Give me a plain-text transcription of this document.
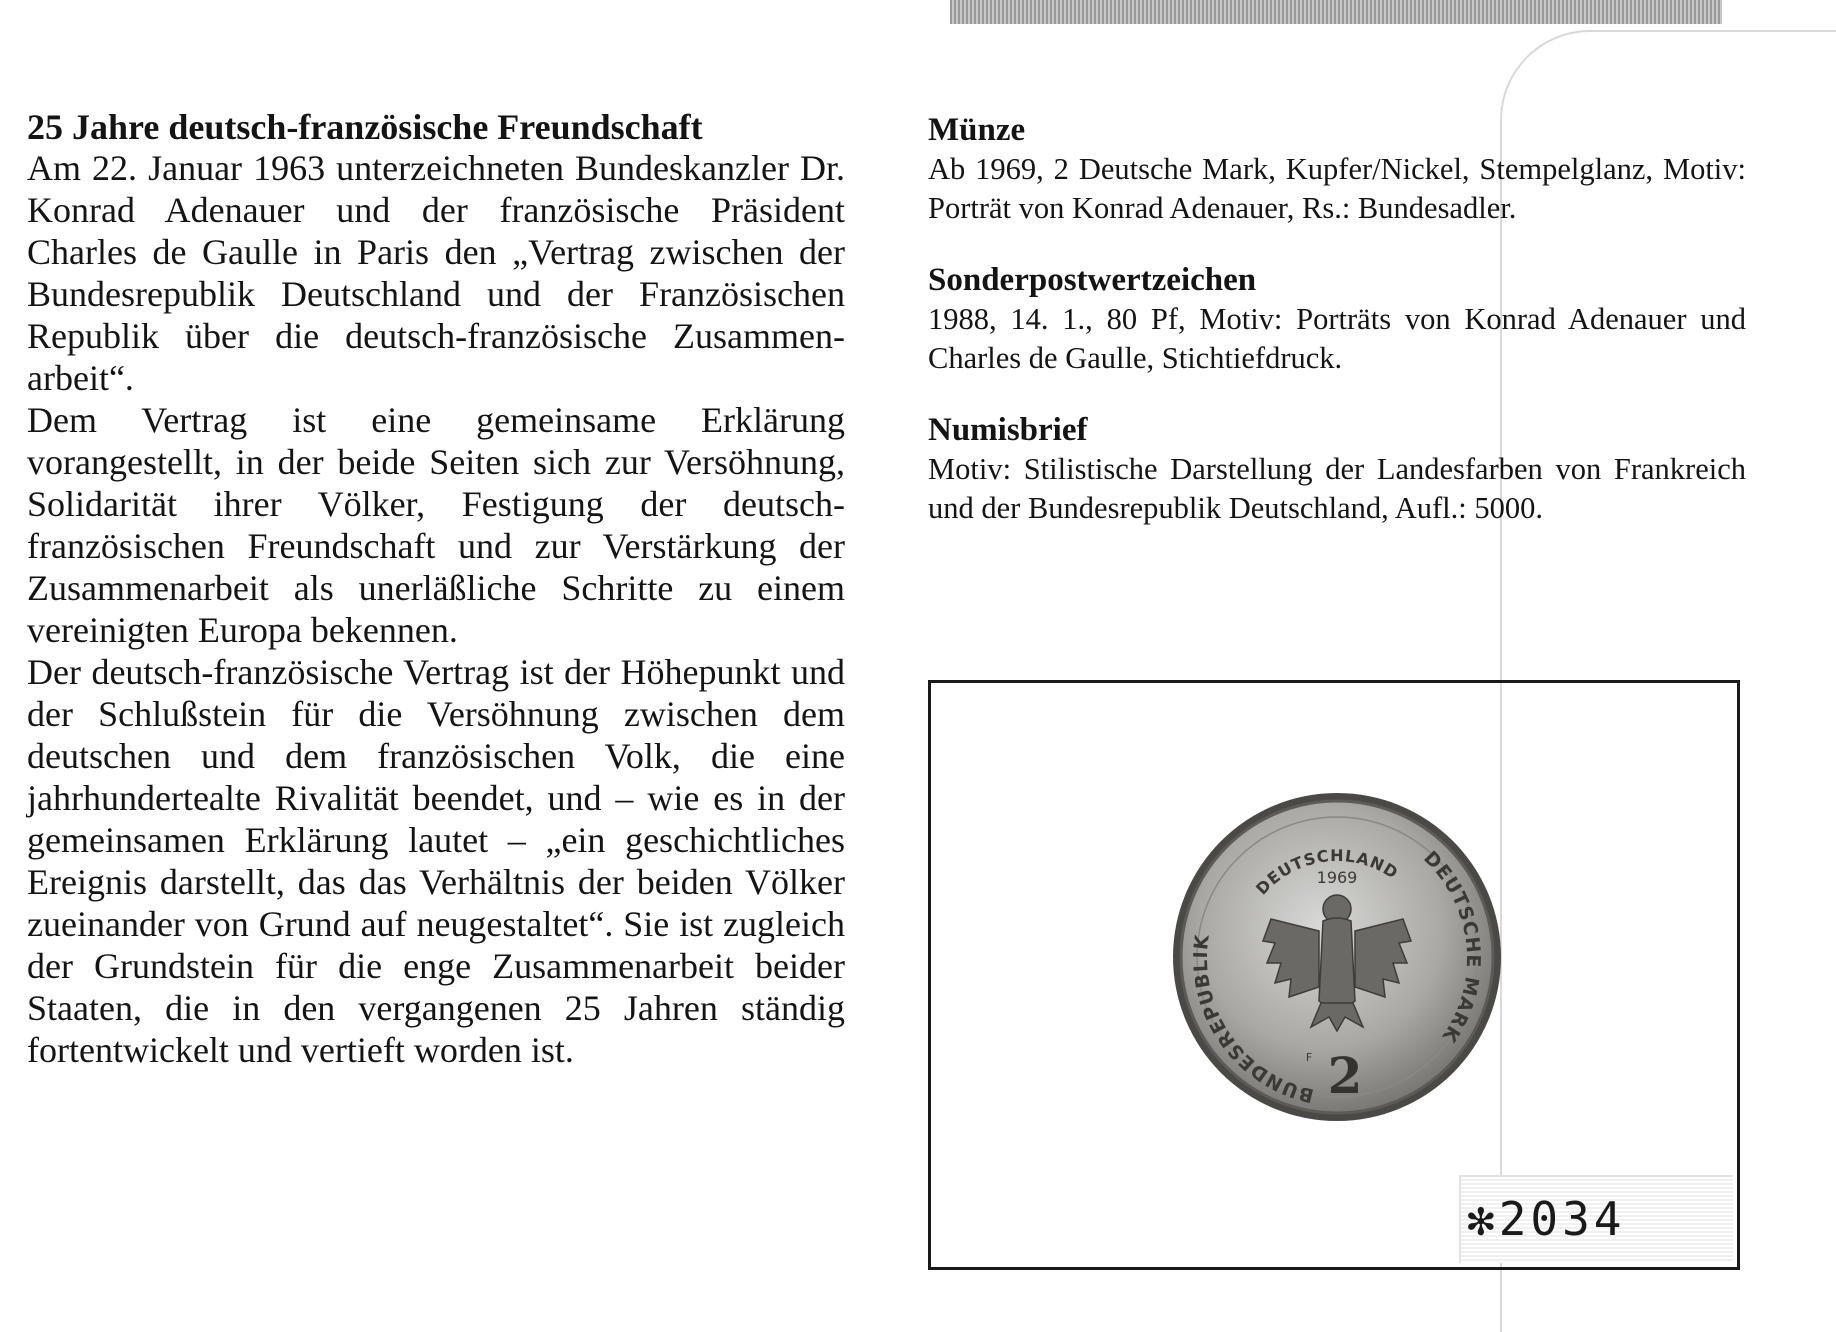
25 Jahre deutsch-französische Freundschaft

Am 22. Januar 1963 unterzeichneten Bundeskanzler Dr. Konrad Adenauer und der französische Präsident Charles de Gaulle in Paris den „Vertrag zwischen der Bundesrepublik Deutschland und der Französischen Republik über die deutsch-französische Zusammenarbeit“.

Dem Vertrag ist eine gemeinsame Erklärung vorangestellt, in der beide Seiten sich zur Versöhnung, Solidarität ihrer Völker, Festigung der deutsch-französischen Freundschaft und zur Verstärkung der Zusammenarbeit als unerläßliche Schritte zu einem vereinigten Europa bekennen.

Der deutsch-französische Vertrag ist der Höhepunkt und der Schlußstein für die Versöhnung zwischen dem deutschen und dem französischen Volk, die eine jahrhundertealte Rivalität beendet, und – wie es in der gemeinsamen Erklärung lautet – „ein geschichtliches Ereignis darstellt, das das Verhältnis der beiden Völker zueinander von Grund auf neugestaltet“. Sie ist zugleich der Grundstein für die enge Zusammenarbeit beider Staaten, die in den vergangenen 25 Jahren ständig fortentwickelt und vertieft worden ist.

Münze

Ab 1969, 2 Deutsche Mark, Kupfer/Nickel, Stempelglanz, Motiv: Porträt von Konrad Adenauer, Rs.: Bundesadler.

Sonderpostwertzeichen

1988, 14. 1., 80 Pf, Motiv: Porträts von Konrad Adenauer und Charles de Gaulle, Stichtiefdruck.

Numisbrief

Motiv: Stilistische Darstellung der Landesfarben von Frankreich und der Bundesrepublik Deutschland, Aufl.: 5000.

BUNDESREPUBLIK
DEUTSCHE MARK
DEUTSCHLAND
1969
2
F
✻2034
